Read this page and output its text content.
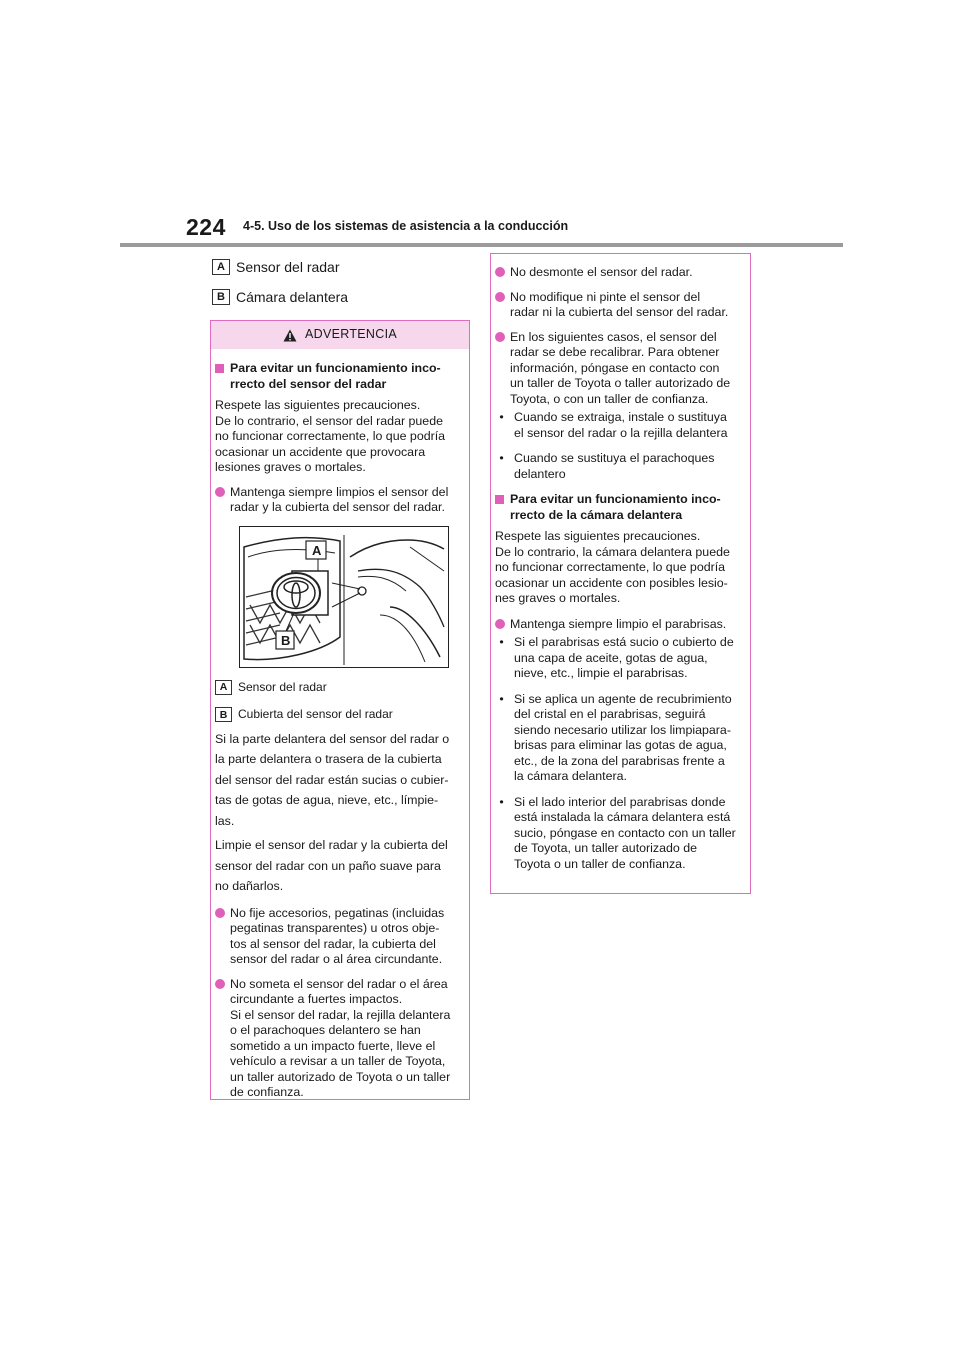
224 4-5. Uso de los sistemas de asistencia a la conducción
A Sensor del radar
B Cámara delantera
ADVERTENCIA

Para evitar un funcionamiento inco-

rrecto del sensor del radar

Respete las siguientes precauciones.

De lo contrario, el sensor del radar puede

no funcionar correctamente, lo que podría

ocasionar un accidente que provocara

lesiones graves o mortales.

Mantenga siempre limpios el sensor del

radar y la cubierta del sensor del radar.

A
B
A Sensor del radar
B Cubierta del sensor del radar

Si la parte delantera del sensor del radar o

la parte delantera o trasera de la cubierta

del sensor del radar están sucias o cubier-

tas de gotas de agua, nieve, etc., límpie-

las.

Limpie el sensor del radar y la cubierta del

sensor del radar con un paño suave para

no dañarlos.

No fije accesorios, pegatinas (incluidas

pegatinas transparentes) u otros obje-

tos al sensor del radar, la cubierta del

sensor del radar o al área circundante.

No someta el sensor del radar o el área

circundante a fuertes impactos.

Si el sensor del radar, la rejilla delantera

o el parachoques delantero se han

sometido a un impacto fuerte, lleve el

vehículo a revisar a un taller de Toyota,

un taller autorizado de Toyota o un taller

de confianza.

No desmonte el sensor del radar.

No modifique ni pinte el sensor del

radar ni la cubierta del sensor del radar.

En los siguientes casos, el sensor del

radar se debe recalibrar. Para obtener

información, póngase en contacto con

un taller de Toyota o taller autorizado de

Toyota, o con un taller de confianza.

• Cuando se extraiga, instale o sustituya

el sensor del radar o la rejilla delantera

• Cuando se sustituya el parachoques

delantero

Para evitar un funcionamiento inco-

rrecto de la cámara delantera

Respete las siguientes precauciones.

De lo contrario, la cámara delantera puede

no funcionar correctamente, lo que podría

ocasionar un accidente con posibles lesio-

nes graves o mortales.

Mantenga siempre limpio el parabrisas.

• Si el parabrisas está sucio o cubierto de

una capa de aceite, gotas de agua,

nieve, etc., limpie el parabrisas.

• Si se aplica un agente de recubrimiento

del cristal en el parabrisas, seguirá

siendo necesario utilizar los limpiapara-

brisas para eliminar las gotas de agua,

etc., de la zona del parabrisas frente a

la cámara delantera.

• Si el lado interior del parabrisas donde

está instalada la cámara delantera está

sucio, póngase en contacto con un taller

de Toyota, un taller autorizado de

Toyota o un taller de confianza.
